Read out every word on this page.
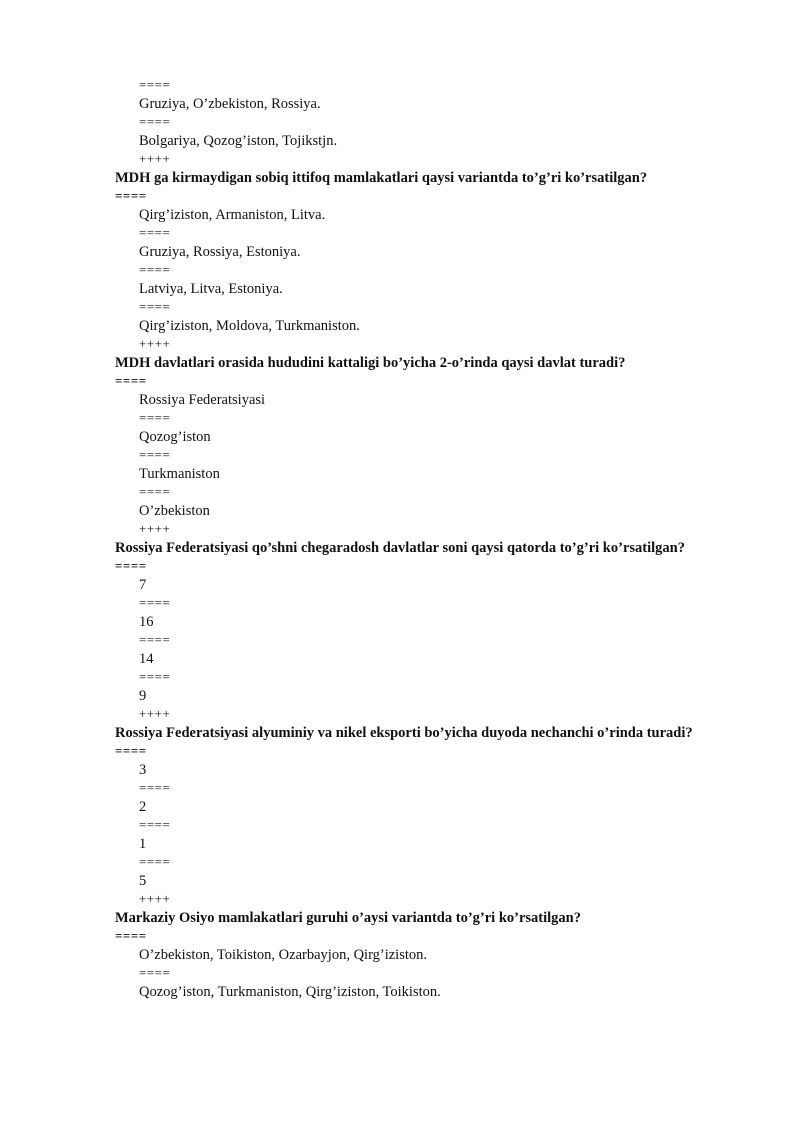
====
Gruziya, O’zbekiston, Rossiya.
====
Bolgariya, Qozog’iston, Tojikstjn.
++++
MDH ga kirmaydigan sobiq ittifoq mamlakatlari qaysi variantda to’g’ri ko’rsatilgan?
====
Qirg’iziston, Armaniston, Litva.
====
Gruziya, Rossiya, Estoniya.
====
Latviya, Litva, Estoniya.
====
Qirg’iziston, Moldova, Turkmaniston.
++++
MDH davlatlari orasida hududini kattaligi bo’yicha 2-o’rinda qaysi davlat turadi?
====
Rossiya Federatsiyasi
====
Qozog’iston
====
Turkmaniston
====
O’zbekiston
++++
Rossiya Federatsiyasi qo’shni chegaradosh davlatlar soni qaysi qatorda to’g’ri ko’rsatilgan?
====
7
====
16
====
14
====
9
++++
Rossiya Federatsiyasi alyuminiy va nikel eksporti bo’yicha duyoda nechanchi o’rinda turadi?
====
3
====
2
====
1
====
5
++++
Markaziy Osiyo mamlakatlari guruhi o’aysi variantda to’g’ri ko’rsatilgan?
====
O’zbekiston, Toikiston, Ozarbayjon, Qirg’iziston.
====
Qozog’iston, Turkmaniston, Qirg’iziston, Toikiston.
